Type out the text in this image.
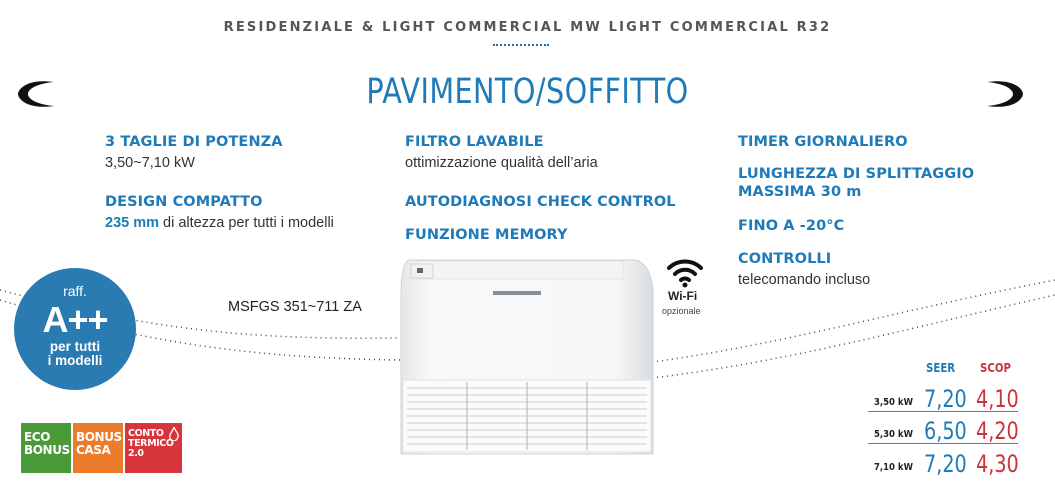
RESIDENZIALE & LIGHT COMMERCIAL MW LIGHT COMMERCIAL R32
PAVIMENTO/SOFFITTO
3 TAGLIE DI POTENZA
3,50~7,10 kW
DESIGN COMPATTO
235 mm di altezza per tutti i modelli
FILTRO LAVABILE
ottimizzazione qualità dell’aria
AUTODIAGNOSI CHECK CONTROL
FUNZIONE MEMORY
TIMER GIORNALIERO
LUNGHEZZA DI SPLITTAGGIO
MASSIMA 30 m
FINO A -20°C
CONTROLLI
telecomando incluso
raff.
A++
per tutti
i modelli
MSFGS 351~711 ZA
Wi-Fi
opzionale
SEER SCOP
3,50 kW 7,20 4,10
5,30 kW 6,50 4,20
7,10 kW 7,20 4,30
ECO
BONUS
BONUS
CASA
CONTO
TERMICO
2.0
